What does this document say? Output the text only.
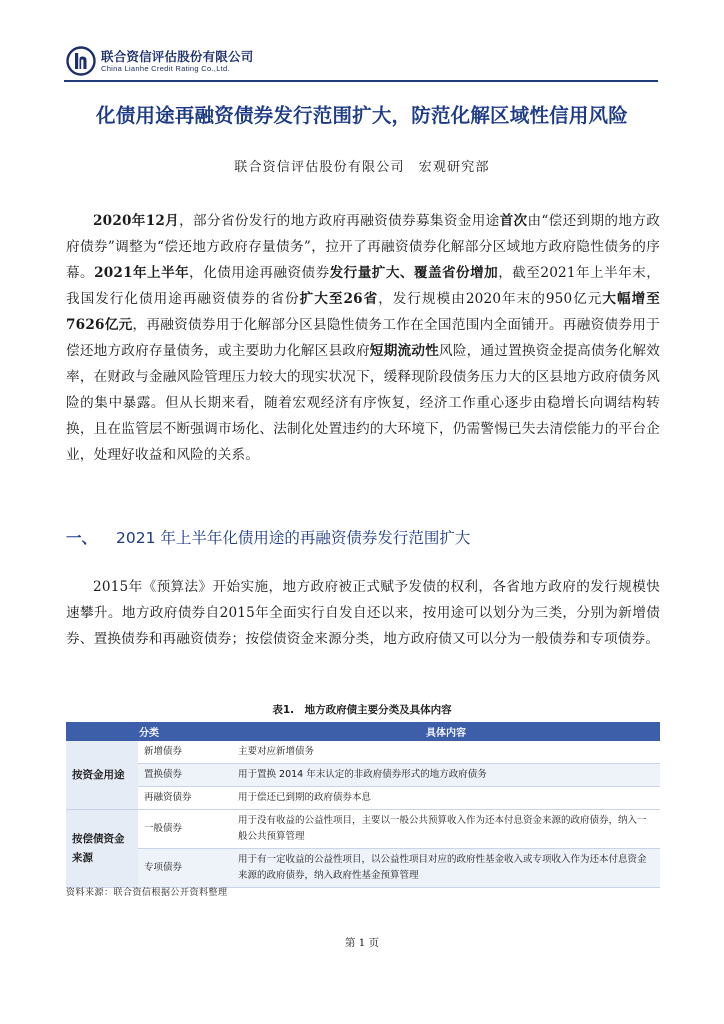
联合资信评估股份有限公司
China Lianhe Credit Rating Co.,Ltd.
化债用途再融资债券发行范围扩大，防范化解区域性信用风险
联合资信评估股份有限公司 宏观研究部
2020年12月，部分省份发行的地方政府再融资债券募集资金用途首次由“偿还到期的地方政府债券”调整为“偿还地方政府存量债务”，拉开了再融资债券化解部分区域地方政府隐性债务的序幕。2021年上半年，化债用途再融资债券发行量扩大、覆盖省份增加，截至2021年上半年末，我国发行化债用途再融资债券的省份扩大至26省，发行规模由2020年末的950亿元大幅增至7626亿元，再融资债券用于化解部分区县隐性债务工作在全国范围内全面铺开。再融资债券用于偿还地方政府存量债务，或主要助力化解区县政府短期流动性风险，通过置换资金提高债务化解效率，在财政与金融风险管理压力较大的现实状况下，缓释现阶段债务压力大的区县地方政府债务风险的集中暴露。但从长期来看，随着宏观经济有序恢复，经济工作重心逐步由稳增长向调结构转换，且在监管层不断强调市场化、法制化处置违约的大环境下，仍需警惕已失去清偿能力的平台企业，处理好收益和风险的关系。
一、 2021 年上半年化债用途的再融资债券发行范围扩大
2015年《预算法》开始实施，地方政府被正式赋予发债的权利，各省地方政府的发行规模快速攀升。地方政府债券自2015年全面实行自发自还以来，按用途可以划分为三类，分别为新增债券、置换债券和再融资债券；按偿债资金来源分类，地方政府债又可以分为一般债券和专项债券。
表1.　地方政府债主要分类及具体内容
分类		具体内容
按资金用途	新增债券	主要对应新增债务
	置换债券	用于置换 2014 年末认定的非政府债券形式的地方政府债务
	再融资债券	用于偿还已到期的政府债券本息
按偿债资金来源	一般债券	用于没有收益的公益性项目，主要以一般公共预算收入作为还本付息资金来源的政府债券，纳入一般公共预算管理
	专项债券	用于有一定收益的公益性项目，以公益性项目对应的政府性基金收入或专项收入作为还本付息资金来源的政府债券，纳入政府性基金预算管理
资料来源：联合资信根据公开资料整理
第 1 页
